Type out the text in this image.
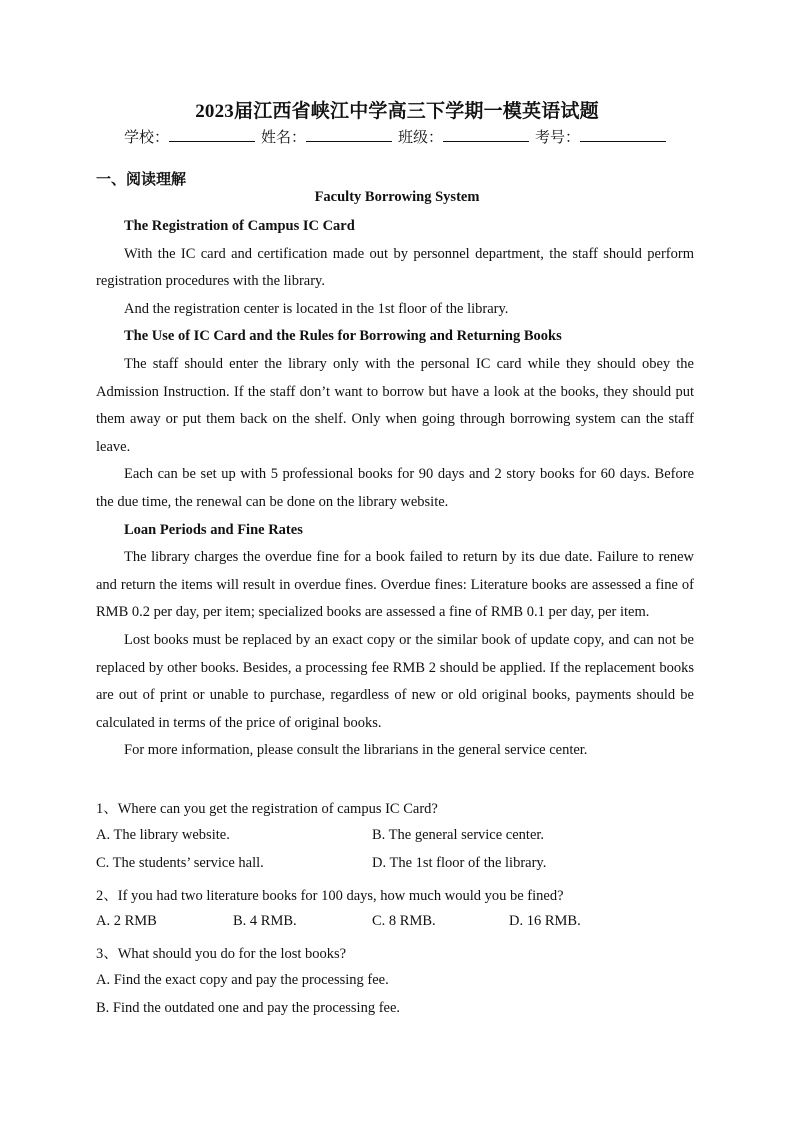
2023届江西省峡江中学高三下学期一模英语试题
学校：	姓名：	班级：	考号：
一、阅读理解
Faculty Borrowing System

The Registration of Campus IC Card

With the IC card and certification made out by personnel department, the staff should perform registration procedures with the library.

And the registration center is located in the 1st floor of the library.

The Use of IC Card and the Rules for Borrowing and Returning Books

The staff should enter the library only with the personal IC card while they should obey the Admission Instruction. If the staff don’t want to borrow but have a look at the books, they should put them away or put them back on the shelf. Only when going through borrowing system can the staff leave.

Each can be set up with 5 professional books for 90 days and 2 story books for 60 days. Before the due time, the renewal can be done on the library website.

Loan Periods and Fine Rates

The library charges the overdue fine for a book failed to return by its due date. Failure to renew and return the items will result in overdue fines. Overdue fines: Literature books are assessed a fine of RMB 0.2 per day, per item; specialized books are assessed a fine of RMB 0.1 per day, per item.

Lost books must be replaced by an exact copy or the similar book of update copy, and can not be replaced by other books. Besides, a processing fee RMB 2 should be applied. If the replacement books are out of print or unable to purchase, regardless of new or old original books, payments should be calculated in terms of the price of original books.

For more information, please consult the librarians in the general service center.

1、Where can you get the registration of campus IC Card?
A. The library website.	B. The general service center.
C. The students’ service hall.	D. The 1st floor of the library.
2、If you had two literature books for 100 days, how much would you be fined?
A. 2 RMB	B. 4 RMB.	C. 8 RMB.	D. 16 RMB.
3、What should you do for the lost books?
A. Find the exact copy and pay the processing fee.
B. Find the outdated one and pay the processing fee.
